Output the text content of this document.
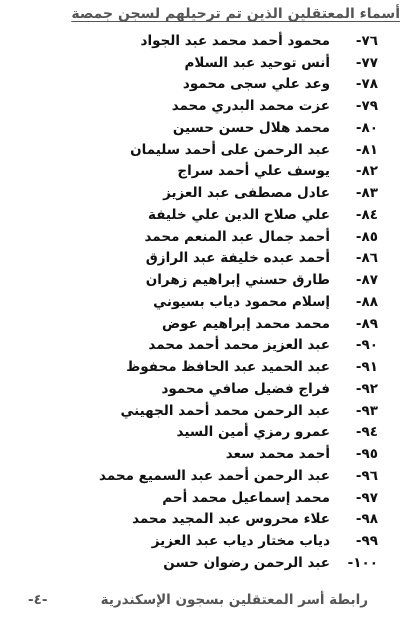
أسماء المعتقلين الذين تم ترحيلهم لسجن جمصة
٧٦-
محمود أحمد محمد عبد الجواد
٧٧-
أنس توحيد عبد السلام
٧٨-
وعد علي سجى محمود
٧٩-
عزت محمد البدري محمد
٨٠-
محمد هلال حسن حسين
٨١-
عبد الرحمن على أحمد سليمان
٨٢-
يوسف علي أحمد سراج
٨٣-
عادل مصطفى عبد العزيز
٨٤-
علي صلاح الدين علي خليفة
٨٥-
أحمد جمال عبد المنعم محمد
٨٦-
أحمد عبده خليفة عبد الرازق
٨٧-
طارق حسني إبراهيم زهران
٨٨-
إسلام محمود دياب بسيوني
٨٩-
محمد محمد إبراهيم عوض
٩٠-
عبد العزيز محمد أحمد محمد
٩١-
عبد الحميد عبد الحافظ محفوظ
٩٢-
فراج فضيل صافي محمود
٩٣-
عبد الرحمن محمد أحمد الجهيني
٩٤-
عمرو رمزي أمين السيد
٩٥-
أحمد محمد سعد
٩٦-
عبد الرحمن أحمد عبد السميع محمد
٩٧-
محمد إسماعيل محمد أحم
٩٨-
علاء محروس عبد المجيد محمد
٩٩-
دياب مختار دياب عبد العزيز
١٠٠-
عبد الرحمن رضوان حسن
رابطة أسر المعتقلين بسجون الإسكندرية
-٤-
